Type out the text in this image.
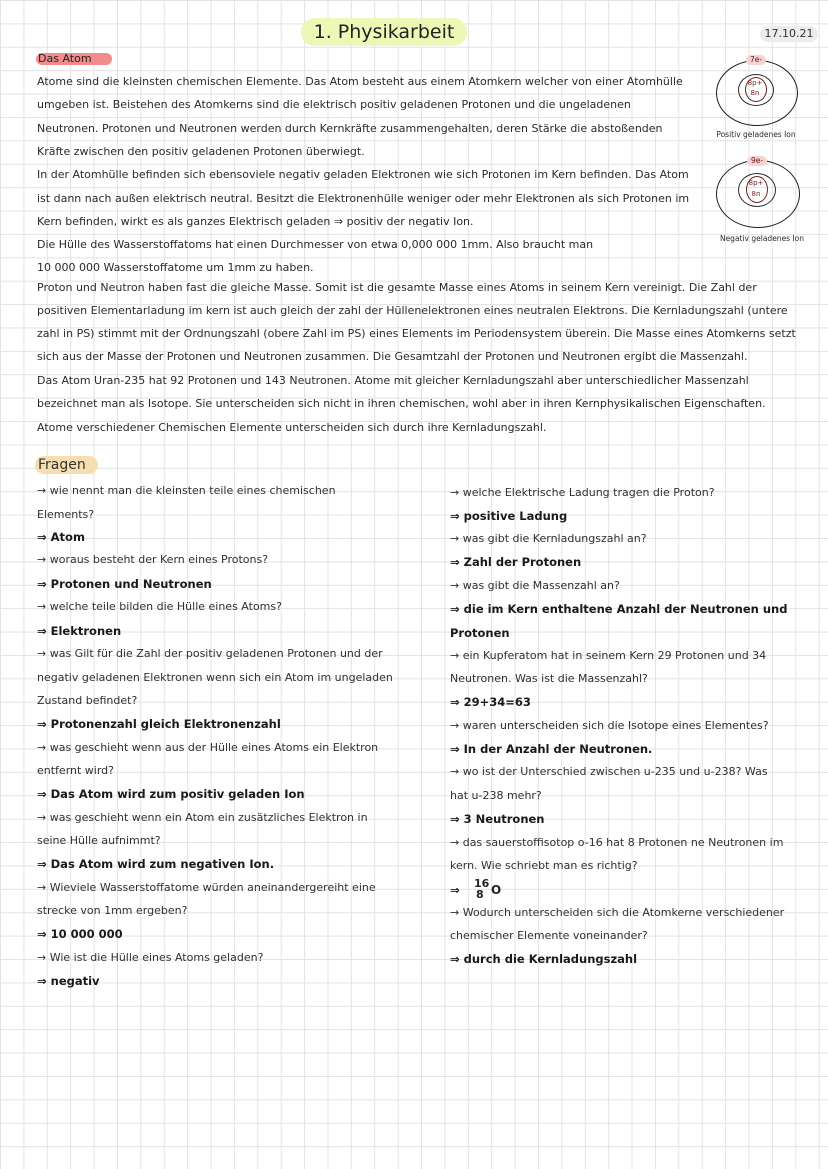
1. Physikarbeit	17.10.21
Das Atom
Atome sind die kleinsten chemischen Elemente. Das Atom besteht aus einem Atomkern welcher von einer Atomhülle
umgeben ist. Beistehen des Atomkerns sind die elektrisch positiv geladenen Protonen und die ungeladenen
Neutronen. Protonen und Neutronen werden durch Kernkräfte zusammengehalten, deren Stärke die abstoßenden
Kräfte zwischen den positiv geladenen Protonen überwiegt.
In der Atomhülle befinden sich ebensoviele negativ geladen Elektronen wie sich Protonen im Kern befinden. Das Atom
ist dann nach außen elektrisch neutral. Besitzt die Elektronenhülle weniger oder mehr Elektronen als sich Protonen im
Kern befinden, wirkt es als ganzes Elektrisch geladen ⇒ positiv der negativ Ion.
Die Hülle des Wasserstoffatoms hat einen Durchmesser von etwa 0,000 000 1mm. Also braucht man
10 000 000 Wasserstoffatome um 1mm zu haben.
Proton und Neutron haben fast die gleiche Masse. Somit ist die gesamte Masse eines Atoms in seinem Kern vereinigt. Die Zahl der
positiven Elementarladung im kern ist auch gleich der zahl der Hüllenelektronen eines neutralen Elektrons. Die Kernladungszahl (untere
zahl in PS) stimmt mit der Ordnungszahl (obere Zahl im PS) eines Elements im Periodensystem überein. Die Masse eines Atomkerns setzt
sich aus der Masse der Protonen und Neutronen zusammen. Die Gesamtzahl der Protonen und Neutronen ergibt die Massenzahl.
Das Atom Uran-235 hat 92 Protonen und 143 Neutronen. Atome mit gleicher Kernladungszahl aber unterschiedlicher Massenzahl
bezeichnet man als Isotope. Sie unterscheiden sich nicht in ihren chemischen, wohl aber in ihren Kernphysikalischen Eigenschaften.
Atome verschiedener Chemischen Elemente unterscheiden sich durch ihre Kernladungszahl.
7e-
8p+
8n
Positiv geladenes Ion
9e-
8p+
8n
Negativ geladenes Ion
Fragen
→ wie nennt man die kleinsten teile eines chemischen
Elements?
⇒ Atom
→ woraus besteht der Kern eines Protons?
⇒ Protonen und Neutronen
→ welche teile bilden die Hülle eines Atoms?
⇒ Elektronen
→ was Gilt für die Zahl der positiv geladenen Protonen und der
negativ geladenen Elektronen wenn sich ein Atom im ungeladen
Zustand befindet?
⇒ Protonenzahl gleich Elektronenzahl
→ was geschieht wenn aus der Hülle eines Atoms ein Elektron
entfernt wird?
⇒ Das Atom wird zum positiv geladen Ion
→ was geschieht wenn ein Atom ein zusätzliches Elektron in
seine Hülle aufnimmt?
⇒ Das Atom wird zum negativen Ion.
→ Wieviele Wasserstoffatome würden aneinandergereiht eine
strecke von 1mm ergeben?
⇒ 10 000 000
→ Wie ist die Hülle eines Atoms geladen?
⇒ negativ
→ welche Elektrische Ladung tragen die Proton?
⇒ positive Ladung
→ was gibt die Kernladungszahl an?
⇒ Zahl der Protonen
→ was gibt die Massenzahl an?
⇒ die im Kern enthaltene Anzahl der Neutronen und
Protonen
→ ein Kupferatom hat in seinem Kern 29 Protonen und 34
Neutronen. Was ist die Massenzahl?
⇒ 29+34=63
→ waren unterscheiden sich die Isotope eines Elementes?
⇒ In der Anzahl der Neutronen.
→ wo ist der Unterschied zwischen u-235 und u-238? Was
hat u-238 mehr?
⇒ 3 Neutronen
→ das sauerstoffisotop o-16 hat 8 Protonen ne Neutronen im
kern. Wie schriebt man es richtig?
⇒ 16
8 O
→ Wodurch unterscheiden sich die Atomkerne verschiedener
chemischer Elemente voneinander?
⇒ durch die Kernladungszahl
